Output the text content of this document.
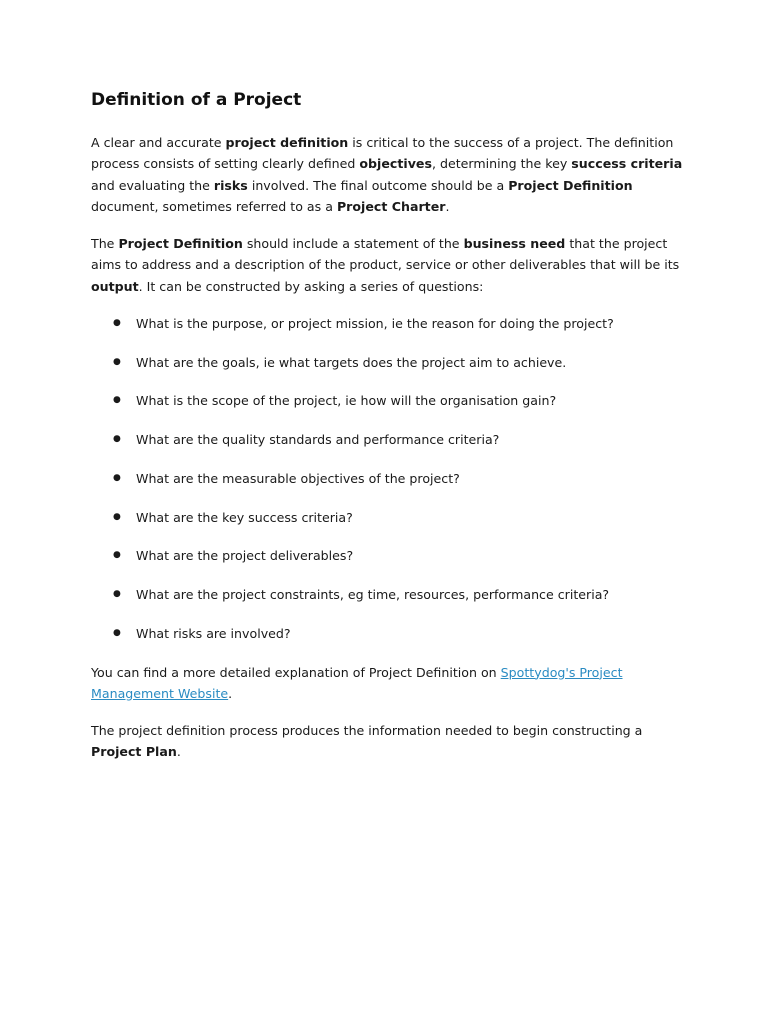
Definition of a Project

A clear and accurate project definition is critical to the success of a project. The definition process consists of setting clearly defined objectives, determining the key success criteria and evaluating the risks involved. The final outcome should be a Project Definition document, sometimes referred to as a Project Charter.

The Project Definition should include a statement of the business need that the project aims to address and a description of the product, service or other deliverables that will be its output. It can be constructed by asking a series of questions:

● What is the purpose, or project mission, ie the reason for doing the project?
● What are the goals, ie what targets does the project aim to achieve.
● What is the scope of the project, ie how will the organisation gain?
● What are the quality standards and performance criteria?
● What are the measurable objectives of the project?
● What are the key success criteria?
● What are the project deliverables?
● What are the project constraints, eg time, resources, performance criteria?
● What risks are involved?

You can find a more detailed explanation of Project Definition on Spottydog's Project Management Website.

The project definition process produces the information needed to begin constructing a Project Plan.
